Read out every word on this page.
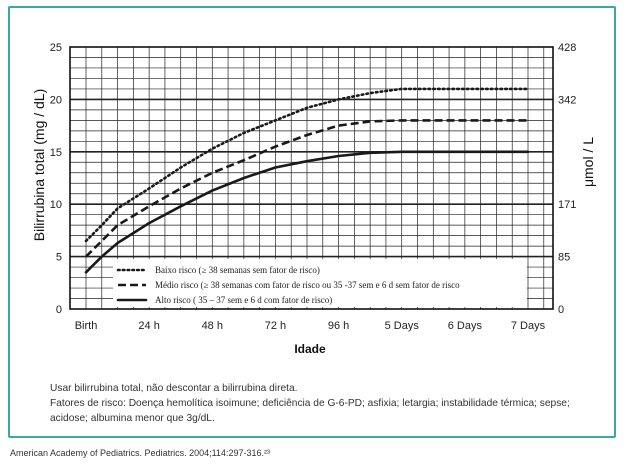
0
5
10
15
20
25
0
85
171
342
428
Birth	24 h	48 h	72 h	96 h	5 Days	6 Days	7 Days
Baixo risco (≥ 38 semanas sem fator de risco)
Médio risco (≥ 38 semanas com fator de risco ou 35 -37 sem e 6 d sem fator de risco
Alto risco ( 35 – 37 sem e 6 d com fator de risco)
Bilirrubina total (mg / dL)	μmol / L
Idade

Usar bilirrubina total, não descontar a bilirrubina direta.

Fatores de risco: Doença hemolítica isoimune; deficiência de G-6-PD; asfixia; letargia; instabilidade térmica; sepse;

acidose; albumina menor que 3g/dL.

American Academy of Pediatrics. Pediatrics. 2004;114:297-316.²³
